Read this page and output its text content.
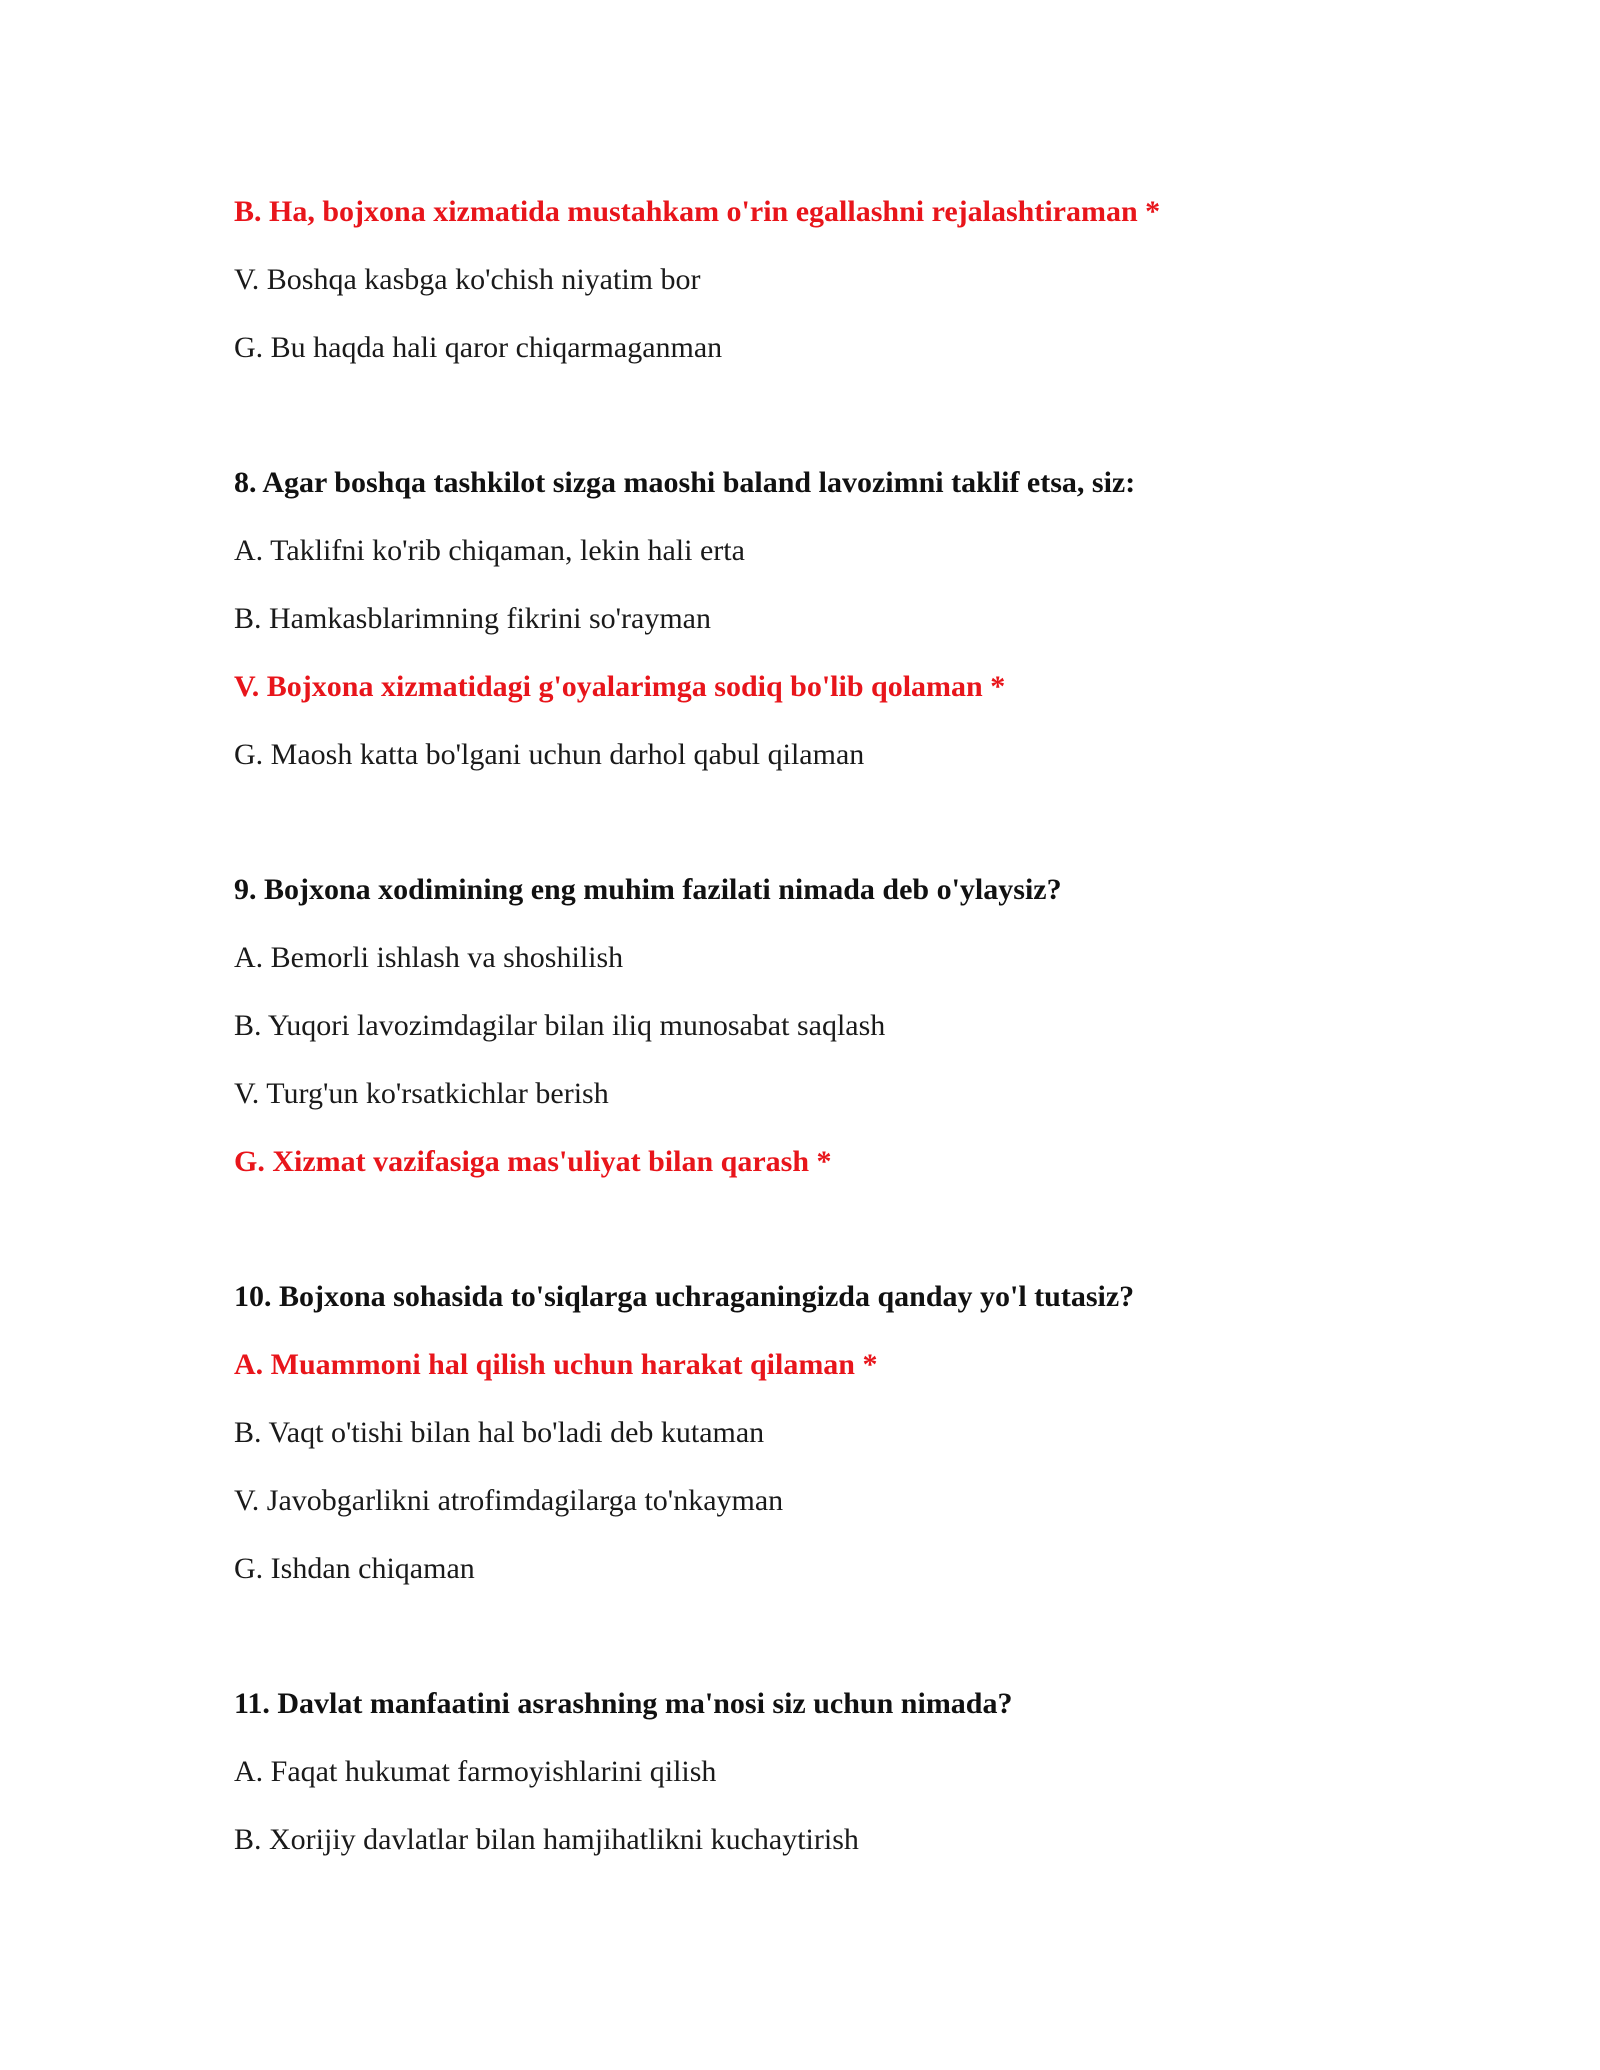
B. Ha, bojxona xizmatida mustahkam o'rin egallashni rejalashtiraman *
V. Boshqa kasbga ko'chish niyatim bor
G. Bu haqda hali qaror chiqarmaganman
8. Agar boshqa tashkilot sizga maoshi baland lavozimni taklif etsa, siz:
A. Taklifni ko'rib chiqaman, lekin hali erta
B. Hamkasblarimning fikrini so'rayman
V. Bojxona xizmatidagi g'oyalarimga sodiq bo'lib qolaman *
G. Maosh katta bo'lgani uchun darhol qabul qilaman
9. Bojxona xodimining eng muhim fazilati nimada deb o'ylaysiz?
A. Bemorli ishlash va shoshilish
B. Yuqori lavozimdagilar bilan iliq munosabat saqlash
V. Turg'un ko'rsatkichlar berish
G. Xizmat vazifasiga mas'uliyat bilan qarash *
10. Bojxona sohasida to'siqlarga uchraganingizda qanday yo'l tutasiz?
A. Muammoni hal qilish uchun harakat qilaman *
B. Vaqt o'tishi bilan hal bo'ladi deb kutaman
V. Javobgarlikni atrofimdagilarga to'nkayman
G. Ishdan chiqaman
11. Davlat manfaatini asrashning ma'nosi siz uchun nimada?
A. Faqat hukumat farmoyishlarini qilish
B. Xorijiy davlatlar bilan hamjihatlikni kuchaytirish
